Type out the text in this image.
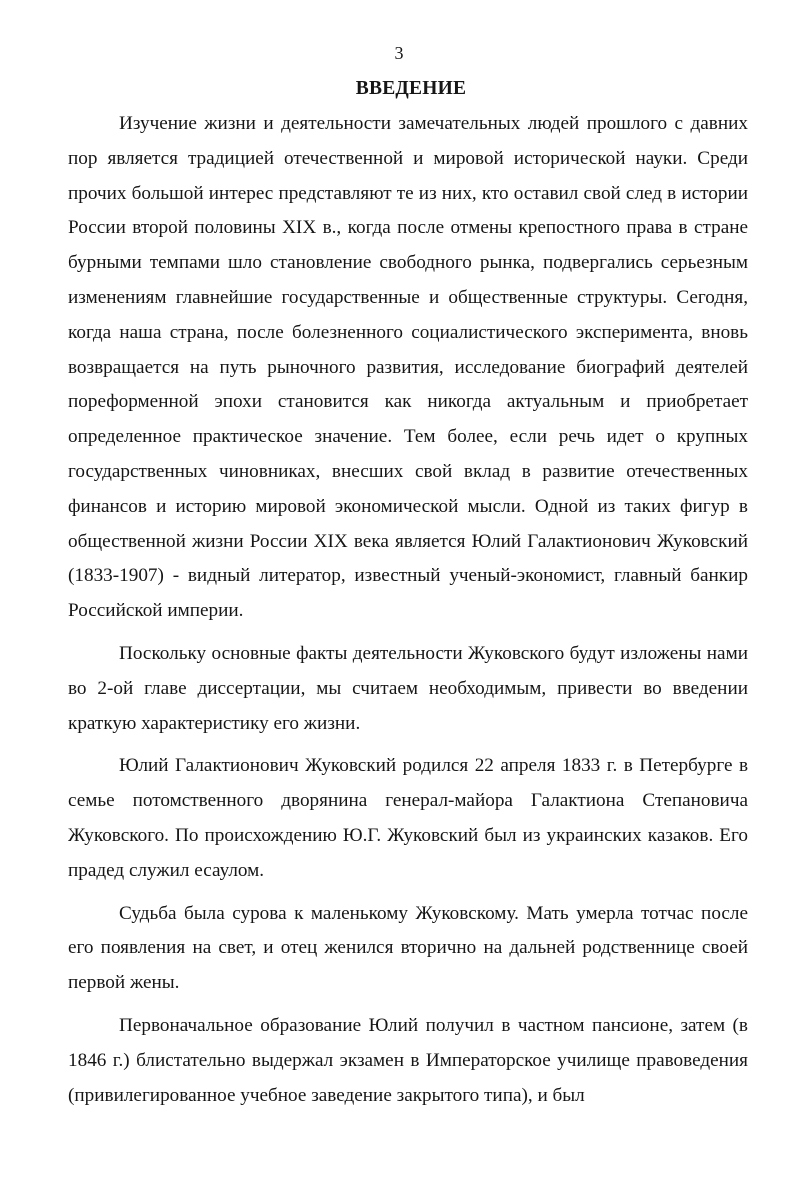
3
ВВЕДЕНИЕ

Изучение жизни и деятельности замечательных людей прошлого с давних пор является традицией отечественной и мировой исторической науки. Среди прочих большой интерес представляют те из них, кто оставил свой след в истории России второй половины XIX в., когда после отмены крепостного права в стране бурными темпами шло становление свободного рынка, подвергались серьезным изменениям главнейшие государственные и общественные структуры. Сегодня, когда наша страна, после болезненного социалистического эксперимента, вновь возвращается на путь рыночного развития, исследование биографий деятелей пореформенной эпохи становится как никогда актуальным и приобретает определенное практическое значение. Тем более, если речь идет о крупных государственных чиновниках, внесших свой вклад в развитие отечественных финансов и историю мировой экономической мысли. Одной из таких фигур в общественной жизни России XIX века является Юлий Галактионович Жуковский (1833-1907) - видный литератор, известный ученый-экономист, главный банкир Российской империи.

Поскольку основные факты деятельности Жуковского будут изложены нами во 2-ой главе диссертации, мы считаем необходимым, привести во введении краткую характеристику его жизни.

Юлий Галактионович Жуковский родился 22 апреля 1833 г. в Петербурге в семье потомственного дворянина генерал-майора Галактиона Степановича Жуковского. По происхождению Ю.Г. Жуковский был из украинских казаков. Его прадед служил есаулом.

Судьба была сурова к маленькому Жуковскому. Мать умерла тотчас после его появления на свет, и отец женился вторично на дальней родственнице своей первой жены.

Первоначальное образование Юлий получил в частном пансионе, затем (в 1846 г.) блистательно выдержал экзамен в Императорское училище правоведения (привилегированное учебное заведение закрытого типа), и был
